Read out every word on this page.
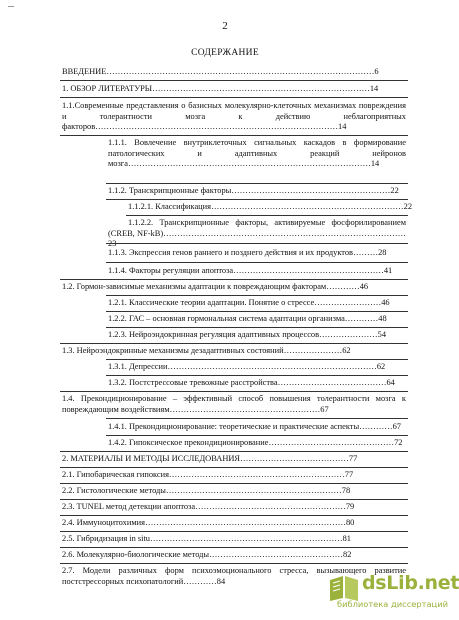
2
СОДЕРЖАНИЕ
ВВЕДЕНИЕ……………………………………………………………………………………6
1. ОБЗОР ЛИТЕРАТУРЫ……………………………………………………………………14
1.1.Современные представления о базисных молекулярно-клеточных механизмах повреждения и толерантности мозга к действию неблагоприятных факторов……………………………………………………………………………14
1.1.1. Вовлечение внутриклеточных сигнальных каскадов в формирование патологических и адаптивных реакций нейронов мозга……………………………………………………………………………14
1.1.2. Транскрипционные факторы…………………………………………………22
1.1.2.1. Классификация……………………………………………………………22
1.1.2.2. Транскрипционные факторы, активируемые фосфорилированием (CREB, NF-kB)……………………………………………………………………………
1.1.3. Экспрессия генов раннего и позднего действия и их продуктов………28
1.1.4. Факторы регуляции апоптоза………………………………………………41
1.2. Гормон-зависимые механизмы адаптации к повреждающим факторам…………46
1.2.1. Классические теории адаптации. Понятие о стрессе……………………46
1.2.2. ГАС – основная гормональная система адаптации организма…………48
1.2.3. Нейроэндокринная регуляция адаптивных процессов…………………54
1.3. Нейроэндокринные механизмы дезадаптивных состояний…………………62
1.3.1. Депрессии…………………………………………………………………62
1.3.2. Постстрессовые тревожные расстройства…………………………………64
1.4. Прекондиционирование – эффективный способ повышения толерантности мозга к повреждающим воздействиям………………………………………………67
1.4.1. Прекондиционирование: теоретические и практические аспекты…………67
1.4.2. Гипоксическое прекондиционирование………………………………………72
2. МАТЕРИАЛЫ И МЕТОДЫ ИССЛЕДОВАНИЯ…………………………………77
2.1. Гипобарическая гипоксия………………………………………………………77
2.2. Гистологические методы………………………………………………………78
2.3. TUNEL метод детекции апоптоза………………………………………………79
2.4. Иммуноцитохимия………………………………………………………………80
2.5. Гибридизация in situ……………………………………………………………81
2.6. Молекулярно-биологические методы…………………………………………82
2.7. Модели различных форм психоэмоционального стресса, вызывающего развитие постстрессорных психопатологий…………84	dsLib.net
библиотека диссертаций
